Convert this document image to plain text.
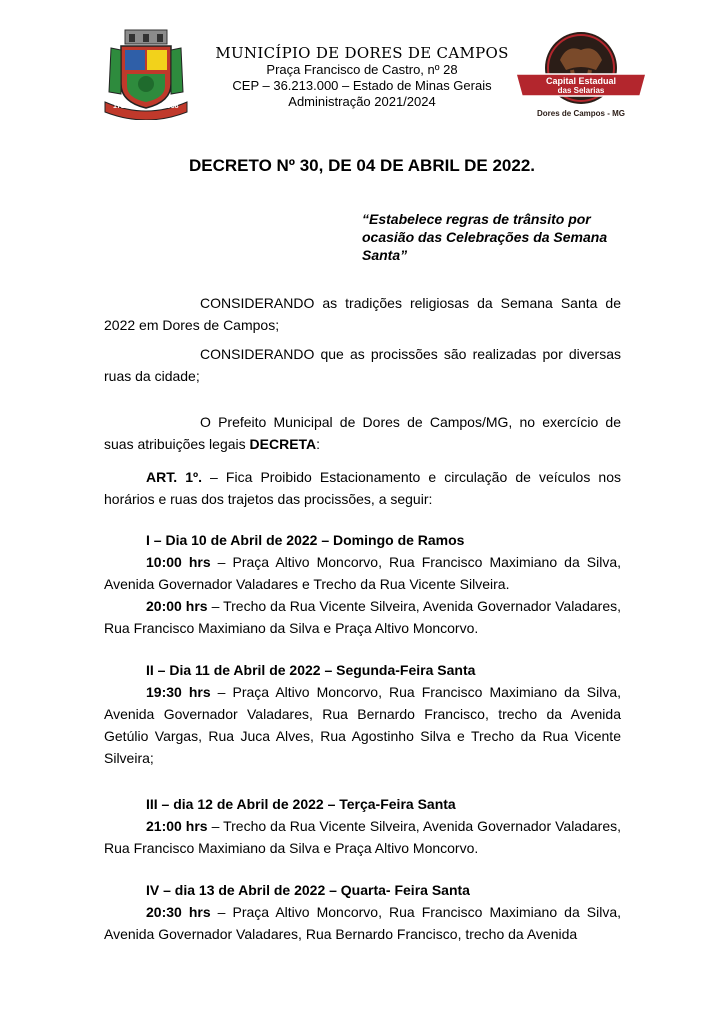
1717	1938
MUNICÍPIO DE DORES DE CAMPOS
Praça Francisco de Castro, nº 28
CEP – 36.213.000 – Estado de Minas Gerais
Administração 2021/2024
Capital Estadual
das Selarias
Dores de Campos - MG
DECRETO Nº 30, DE 04 DE ABRIL DE 2022.
“Estabelece regras de trânsito por ocasião das Celebrações da Semana Santa”

CONSIDERANDO as tradições religiosas da Semana Santa de 2022 em Dores de Campos;

CONSIDERANDO que as procissões são realizadas por diversas ruas da cidade;

O Prefeito Municipal de Dores de Campos/MG, no exercício de suas atribuições legais DECRETA:

ART. 1º. – Fica Proibido Estacionamento e circulação de veículos nos horários e ruas dos trajetos das procissões, a seguir:

I – Dia 10 de Abril de 2022 – Domingo de Ramos

10:00 hrs – Praça Altivo Moncorvo, Rua Francisco Maximiano da Silva, Avenida Governador Valadares e Trecho da Rua Vicente Silveira.

20:00 hrs – Trecho da Rua Vicente Silveira, Avenida Governador Valadares, Rua Francisco Maximiano da Silva e Praça Altivo Moncorvo.

II – Dia 11 de Abril de 2022 – Segunda-Feira Santa

19:30 hrs – Praça Altivo Moncorvo, Rua Francisco Maximiano da Silva, Avenida Governador Valadares, Rua Bernardo Francisco, trecho da Avenida Getúlio Vargas, Rua Juca Alves, Rua Agostinho Silva e Trecho da Rua Vicente Silveira;

III – dia 12 de Abril de 2022 – Terça-Feira Santa

21:00 hrs – Trecho da Rua Vicente Silveira, Avenida Governador Valadares, Rua Francisco Maximiano da Silva e Praça Altivo Moncorvo.

IV – dia 13 de Abril de 2022 – Quarta- Feira Santa

20:30 hrs – Praça Altivo Moncorvo, Rua Francisco Maximiano da Silva, Avenida Governador Valadares, Rua Bernardo Francisco, trecho da Avenida
